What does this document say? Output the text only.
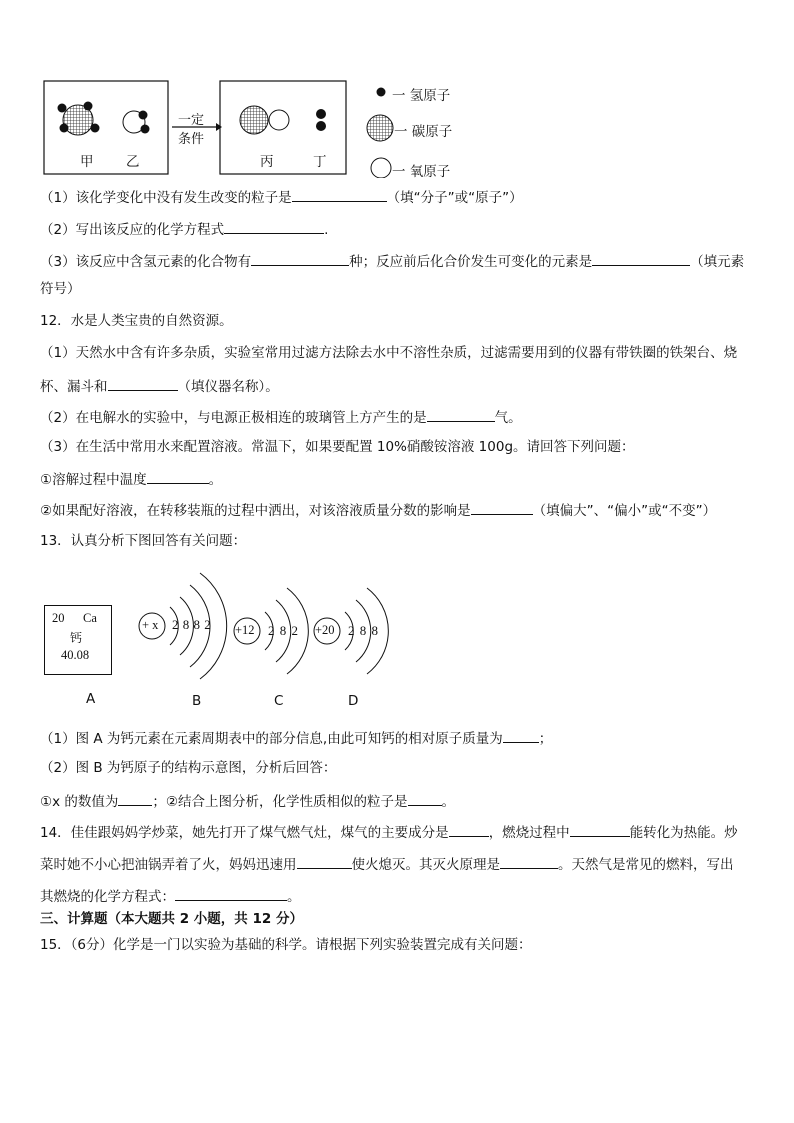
甲 乙
一定
条件
丙	丁
一 氢原子
一 碳原子
一 氧原子
（1）该化学变化中没有发生改变的粒子是	（填“分子”或“原子”）
（2）写出该反应的化学方程式	.
（3）该反应中含氢元素的化合物有	种；反应前后化合价发生可变化的元素是	（填元素
符号）
12．水是人类宝贵的自然资源。
（1）天然水中含有许多杂质，实验室常用过滤方法除去水中不溶性杂质，过滤需要用到的仪器有带铁圈的铁架台、烧
杯、漏斗和	（填仪器名称）。
（2）在电解水的实验中，与电源正极相连的玻璃管上方产生的是	气。
（3）在生活中常用水来配置溶液。常温下，如果要配置 10%硝酸铵溶液 100g。请回答下列问题：
①溶解过程中温度	。
②如果配好溶液，在转移装瓶的过程中洒出，对该溶液质量分数的影响是	（填偏大”、“偏小”或“不变”）
13．认真分析下图回答有关问题：
20 Ca
钙
40.08
+ x 2 8 8 2 +12 2 8 2 +20 2 8 8
A	B	C	D
（1）图 A 为钙元素在元素周期表中的部分信息,由此可知钙的相对原子质量为	；
（2）图 B 为钙原子的结构示意图，分析后回答：
①x 的数值为	；②结合上图分析，化学性质相似的粒子是	。
14．佳佳跟妈妈学炒菜，她先打开了煤气燃气灶，煤气的主要成分是	，燃烧过程中	能转化为热能。炒
菜时她不小心把油锅弄着了火，妈妈迅速用	使火熄灭。其灭火原理是	。天然气是常见的燃料，写出
其燃烧的化学方程式：	。
三、计算题（本大题共 2 小题，共 12 分）
15．（6分）化学是一门以实验为基础的科学。请根据下列实验装置完成有关问题：
